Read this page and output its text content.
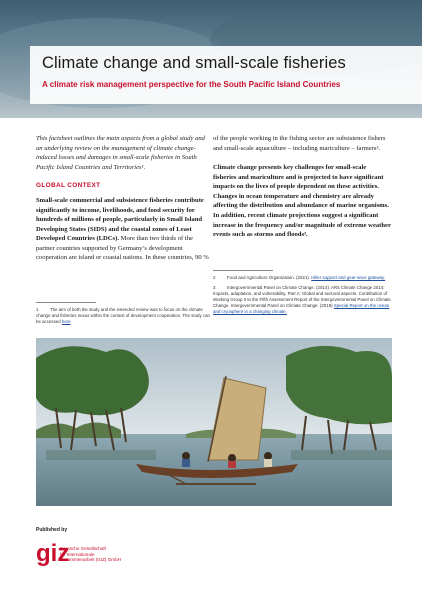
Climate change and small-scale fisheries

A climate risk management perspective for the South Pacific Island Countries

This factsheet outlines the main aspects from a global study and an underlying review on the management of climate change-induced losses and damages in small-scale fisheries in South Pacific Island Countries and Territories¹.

GLOBAL CONTEXT

Small-scale commercial and subsistence fisheries contribute significantly to income, livelihoods, and food security for hundreds of millions of people, particularly in Small Island Developing States (SIDS) and the coastal zones of Least Developed Countries (LDCs). More than two thirds of the partner countries supported by Germany’s development cooperation are island or coastal nations. In these countries, 90 %

1	The aim of both the study and the extended review was to focus on the climate change and fisheries nexus within the context of development cooperation. The study can be accessed here

of the people working in the fishing sector are subsistence fishers and small-scale aquaculture – including mariculture – farmers².

Climate change presents key challenges for small-scale fisheries and mariculture and is projected to have significant impacts on the lives of people dependent on these activities. Changes in ocean temperature and chemistry are already affecting the distribution and abundance of marine organisms. In addition, recent climate projections suggest a significant increase in the frequency and/or magnitude of extreme weather events such as storms and floods³.

2	Food and Agriculture Organization. (2021). Hiller support and gear-ance gateway.

3	Intergovernmental Panel on Climate Change. (2014). AR5 Climate Change 2014: Impacts, adaptation, and vulnerability. Part A: Global and sectoral aspects. Contribution of Working Group II to the Fifth Assessment Report of the Intergovernmental Panel on Climate Change. Intergovernmental Panel on Climate Change. (2019) Special Report on the ocean and cryosphere in a changing climate.

Published by

giz

Deutsche Gesellschaft
für Internationale
Zusammenarbeit (GIZ) GmbH
